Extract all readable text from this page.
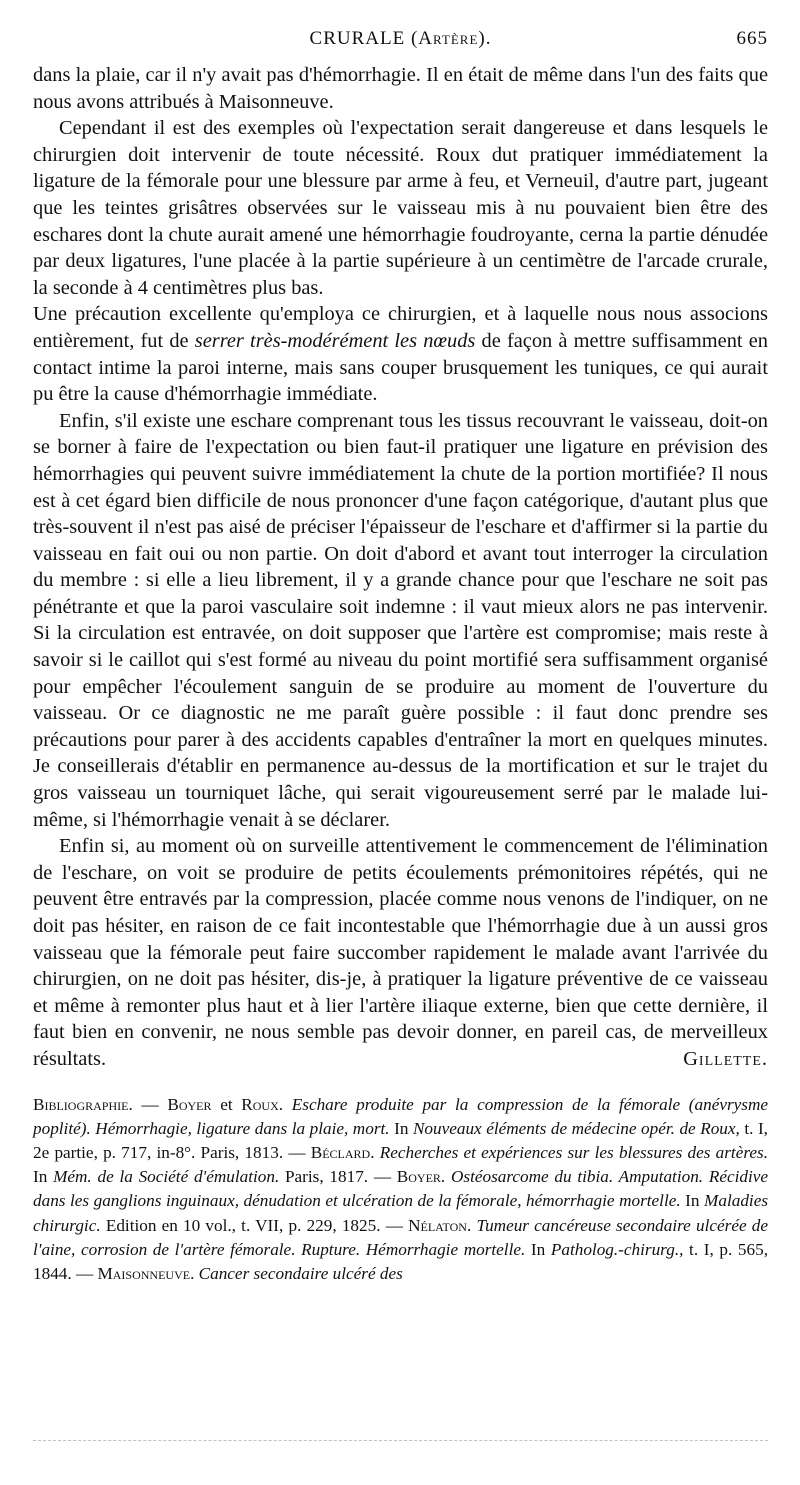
CRURALE (Artère).	665

dans la plaie, car il n'y avait pas d'hémorrhagie. Il en était de même dans l'un des faits que nous avons attribués à Maisonneuve.

Cependant il est des exemples où l'expectation serait dangereuse et dans lesquels le chirurgien doit intervenir de toute nécessité. Roux dut pratiquer immédiatement la ligature de la fémorale pour une blessure par arme à feu, et Verneuil, d'autre part, jugeant que les teintes grisâtres observées sur le vaisseau mis à nu pouvaient bien être des eschares dont la chute aurait amené une hémorrhagie foudroyante, cerna la partie dénudée par deux ligatures, l'une placée à la partie supérieure à un centimètre de l'arcade crurale, la seconde à 4 centimètres plus bas.

Une précaution excellente qu'employa ce chirurgien, et à laquelle nous nous associons entièrement, fut de serrer très-modérément les nœuds de façon à mettre suffisamment en contact intime la paroi interne, mais sans couper brusquement les tuniques, ce qui aurait pu être la cause d'hémorrhagie immédiate.

Enfin, s'il existe une eschare comprenant tous les tissus recouvrant le vaisseau, doit-on se borner à faire de l'expectation ou bien faut-il pratiquer une ligature en prévision des hémorrhagies qui peuvent suivre immédiatement la chute de la portion mortifiée? Il nous est à cet égard bien difficile de nous prononcer d'une façon catégorique, d'autant plus que très-souvent il n'est pas aisé de préciser l'épaisseur de l'eschare et d'affirmer si la partie du vaisseau en fait oui ou non partie. On doit d'abord et avant tout interroger la circulation du membre : si elle a lieu librement, il y a grande chance pour que l'eschare ne soit pas pénétrante et que la paroi vasculaire soit indemne : il vaut mieux alors ne pas intervenir. Si la circulation est entravée, on doit supposer que l'artère est compromise; mais reste à savoir si le caillot qui s'est formé au niveau du point mortifié sera suffisamment organisé pour empêcher l'écoulement sanguin de se produire au moment de l'ouverture du vaisseau. Or ce diagnostic ne me paraît guère possible : il faut donc prendre ses précautions pour parer à des accidents capables d'entraîner la mort en quelques minutes. Je conseillerais d'établir en permanence au-dessus de la mortification et sur le trajet du gros vaisseau un tourniquet lâche, qui serait vigoureusement serré par le malade lui-même, si l'hémorrhagie venait à se déclarer.

Enfin si, au moment où on surveille attentivement le commencement de l'élimination de l'eschare, on voit se produire de petits écoulements prémonitoires répétés, qui ne peuvent être entravés par la compression, placée comme nous venons de l'indiquer, on ne doit pas hésiter, en raison de ce fait incontestable que l'hémorrhagie due à un aussi gros vaisseau que la fémorale peut faire succomber rapidement le malade avant l'arrivée du chirurgien, on ne doit pas hésiter, dis-je, à pratiquer la ligature préventive de ce vaisseau et même à remonter plus haut et à lier l'artère iliaque externe, bien que cette dernière, il faut bien en convenir, ne nous semble pas devoir donner, en pareil cas, de merveilleux résultats.	Gillette.

Bibliographie. — Boyer et Roux. Eschare produite par la compression de la fémorale (anévrysme poplité). Hémorrhagie, ligature dans la plaie, mort. In Nouveaux éléments de médecine opér. de Roux, t. I, 2e partie, p. 717, in-8°. Paris, 1813. — Béclard. Recherches et expériences sur les blessures des artères. In Mém. de la Société d'émulation. Paris, 1817. — Boyer. Ostéosarcome du tibia. Amputation. Récidive dans les ganglions inguinaux, dénudation et ulcération de la fémorale, hémorrhagie mortelle. In Maladies chirurgic. Edition en 10 vol., t. VII, p. 229, 1825. — Nélaton. Tumeur cancéreuse secondaire ulcérée de l'aine, corrosion de l'artère fémorale. Rupture. Hémorrhagie mortelle. In Patholog.-chirurg., t. I, p. 565, 1844. — Maisonneuve. Cancer secondaire ulcéré des
